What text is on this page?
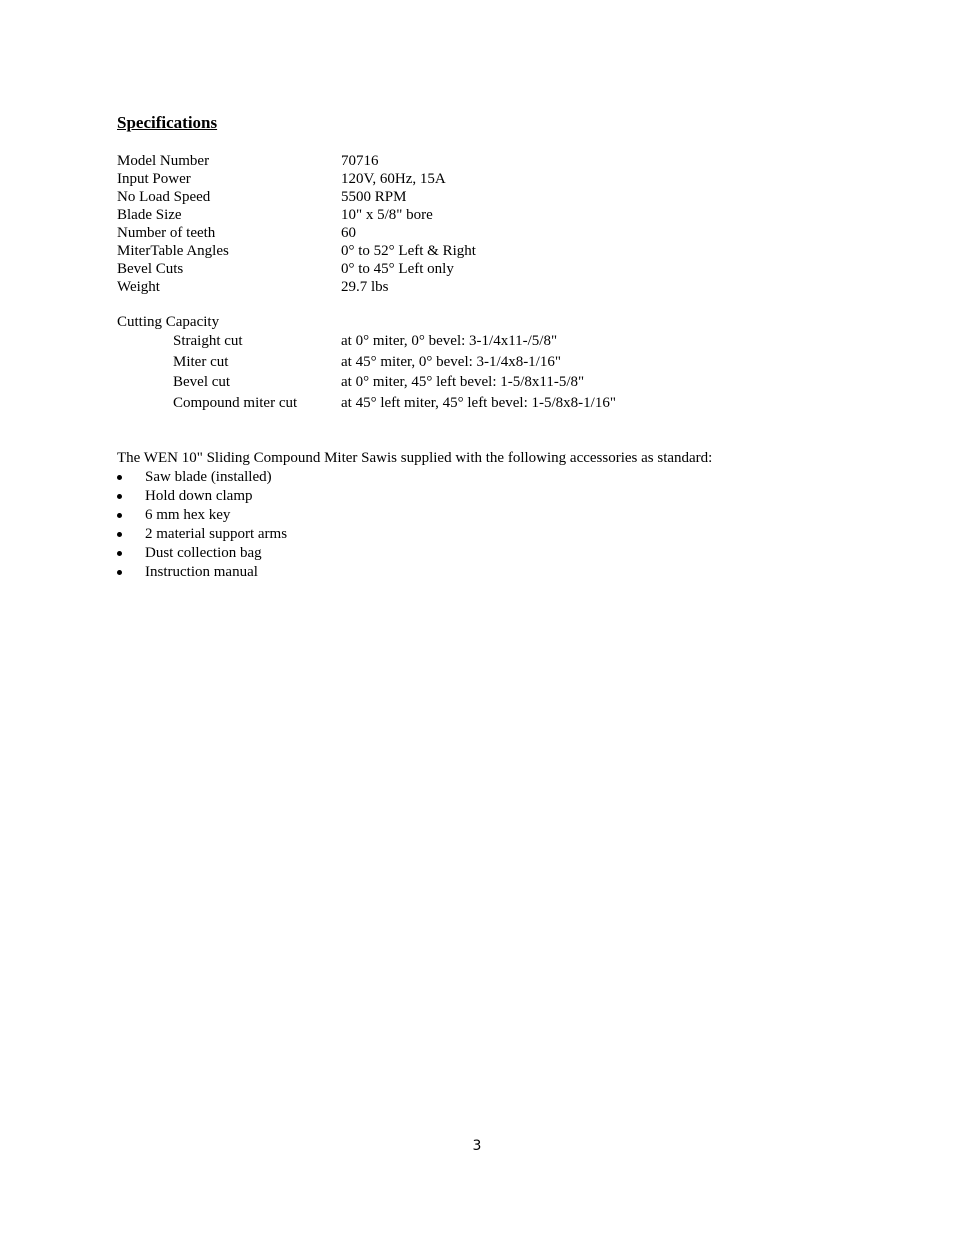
Specifications
Model Number	70716
Input Power	120V, 60Hz, 15A
No Load Speed	5500 RPM
Blade Size	10" x 5/8" bore
Number of teeth	60
MiterTable Angles	0° to 52° Left & Right
Bevel Cuts	0° to 45° Left only
Weight	29.7 lbs
Cutting Capacity
Straight cut	at 0° miter, 0° bevel: 3-1/4x11-/5/8"
Miter cut	at 45° miter, 0° bevel: 3-1/4x8-1/16"
Bevel cut	at 0° miter, 45° left bevel: 1-5/8x11-5/8"
Compound miter cut	at 45° left miter, 45° left bevel: 1-5/8x8-1/16"
The WEN 10" Sliding Compound Miter Sawis supplied with the following accessories as standard:
Saw blade (installed)
Hold down clamp
6 mm hex key
2 material support arms
Dust collection bag
Instruction manual
3
